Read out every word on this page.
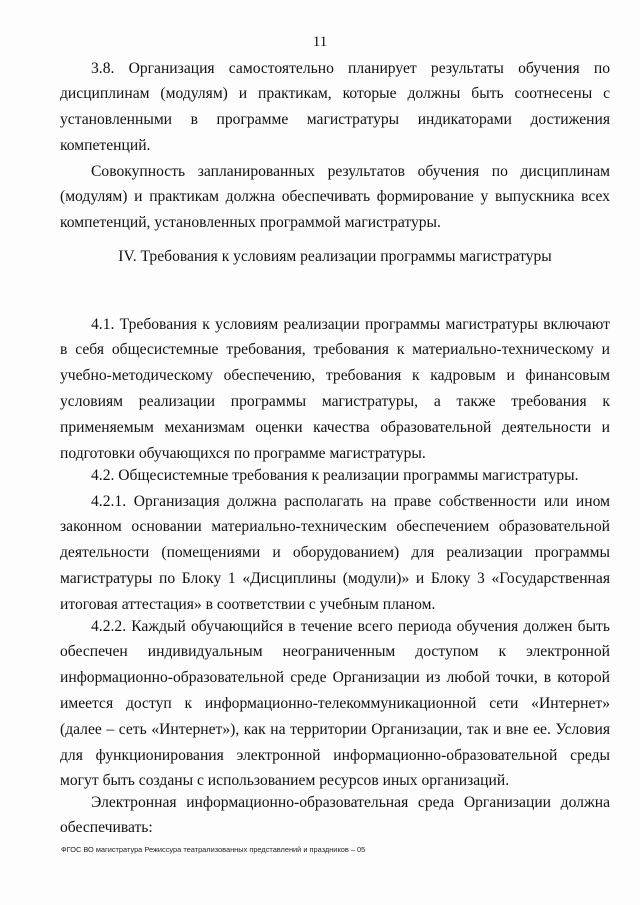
11

3.8. Организация самостоятельно планирует результаты обучения по дисциплинам (модулям) и практикам, которые должны быть соотнесены с установленными в программе магистратуры индикаторами достижения компетенций.

Совокупность запланированных результатов обучения по дисциплинам (модулям) и практикам должна обеспечивать формирование у выпускника всех компетенций, установленных программой магистратуры.

IV. Требования к условиям реализации программы магистратуры

4.1. Требования к условиям реализации программы магистратуры включают в себя общесистемные требования, требования к материально-техническому и учебно-методическому обеспечению, требования к кадровым и финансовым условиям реализации программы магистратуры, а также требования к применяемым механизмам оценки качества образовательной деятельности и подготовки обучающихся по программе магистратуры.

4.2. Общесистемные требования к реализации программы магистратуры.

4.2.1. Организация должна располагать на праве собственности или ином законном основании материально-техническим обеспечением образовательной деятельности (помещениями и оборудованием) для реализации программы магистратуры по Блоку 1 «Дисциплины (модули)» и Блоку 3 «Государственная итоговая аттестация» в соответствии с учебным планом.

4.2.2. Каждый обучающийся в течение всего периода обучения должен быть обеспечен индивидуальным неограниченным доступом к электронной информационно-образовательной среде Организации из любой точки, в которой имеется доступ к информационно-телекоммуникационной сети «Интернет» (далее – сеть «Интернет»), как на территории Организации, так и вне ее. Условия для функционирования электронной информационно-образовательной среды могут быть созданы с использованием ресурсов иных организаций.

Электронная информационно-образовательная среда Организации должна обеспечивать:

ФГОС ВО магистратура Режиссура театрализованных представлений и праздников – 05
